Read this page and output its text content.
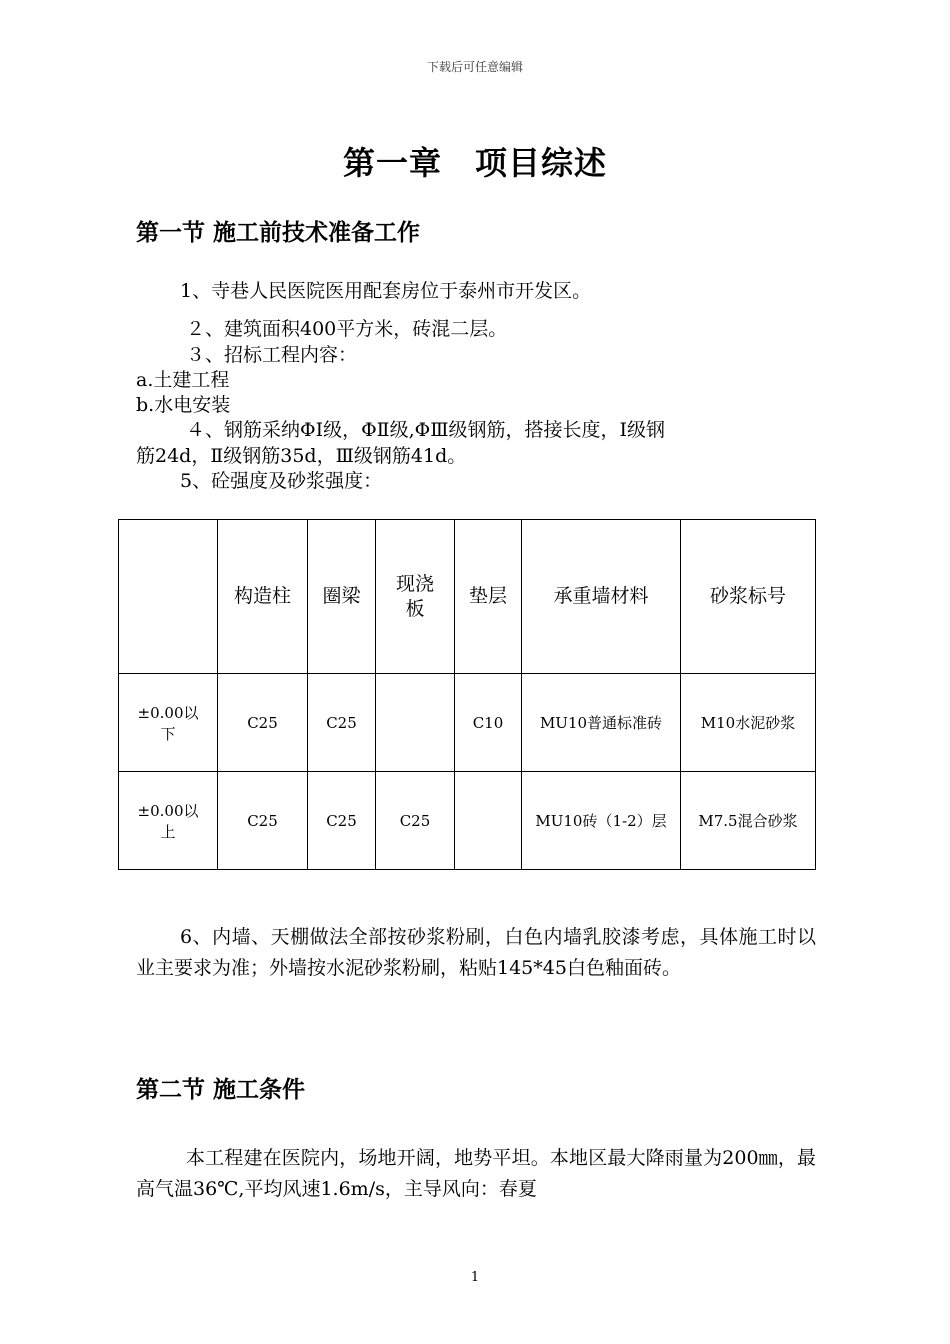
下载后可任意编辑
第一章　项目综述
第一节 施工前技术准备工作
1、寺巷人民医院医用配套房位于泰州市开发区。
２、建筑面积400平方米，砖混二层。
３、招标工程内容：
a.土建工程
b.水电安装
４、钢筋采纳ΦⅠ级，ΦⅡ级,ΦⅢ级钢筋，搭接长度，Ⅰ级钢
筋24d，Ⅱ级钢筋35d，Ⅲ级钢筋41d。
5、砼强度及砂浆强度：
	构造柱	圈梁	现浇板	垫层	承重墙材料	砂浆标号
±0.00以下	C25	C25		C10	MU10普通标准砖	M10水泥砂浆
±0.00以上	C25	C25	C25		MU10砖（1-2）层	M7.5混合砂浆
6、内墙、天棚做法全部按砂浆粉刷，白色内墙乳胶漆考虑，具体施工时以业主要求为准；外墙按水泥砂浆粉刷，粘贴145*45白色釉面砖。
第二节 施工条件
本工程建在医院内，场地开阔，地势平坦。本地区最大降雨量为200㎜，最高气温36℃,平均风速1.6m/s，主导风向：春夏
1
